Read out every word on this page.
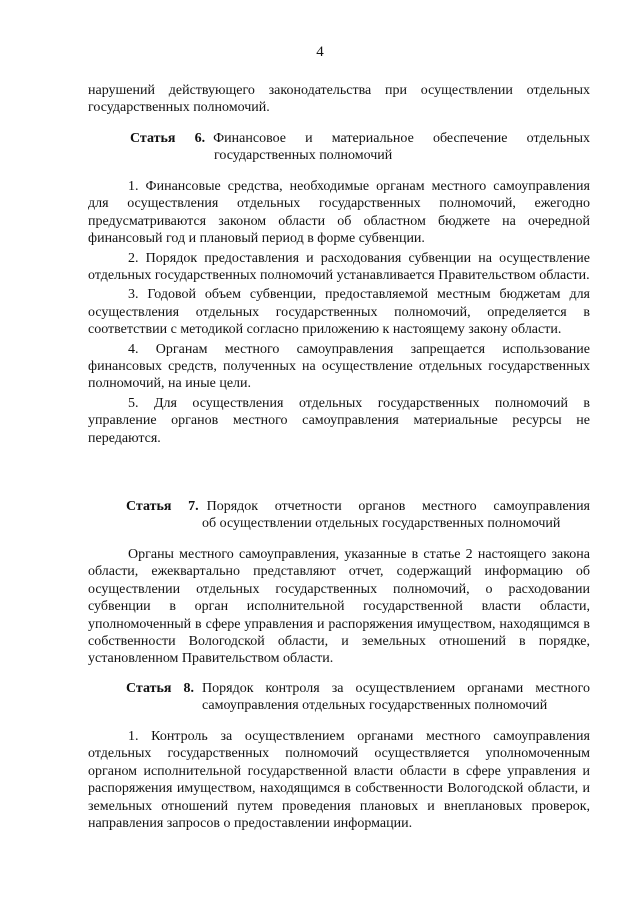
4
нарушений действующего законодательства при осуществлении отдельных государственных полномочий.
Статья 6. Финансовое и материальное обеспечение отдельных
государственных полномочий

1. Финансовые средства, необходимые органам местного самоуправления для осуществления отдельных государственных полномочий, ежегодно предусматриваются законом области об областном бюджете на очередной финансовый год и плановый период в форме субвенции.

2. Порядок предоставления и расходования субвенции на осуществление отдельных государственных полномочий устанавливается Правительством области.

3. Годовой объем субвенции, предоставляемой местным бюджетам для осуществления отдельных государственных полномочий, определяется в соответствии с методикой согласно приложению к настоящему закону области.

4. Органам местного самоуправления запрещается использование финансовых средств, полученных на осуществление отдельных государственных полномочий, на иные цели.

5. Для осуществления отдельных государственных полномочий в управление органов местного самоуправления материальные ресурсы не передаются.

Статья 7. Порядок отчетности органов местного самоуправления
об осуществлении отдельных государственных полномочий

Органы местного самоуправления, указанные в статье 2 настоящего закона области, ежеквартально представляют отчет, содержащий информацию об осуществлении отдельных государственных полномочий, о расходовании субвенции в орган исполнительной государственной власти области, уполномоченный в сфере управления и распоряжения имуществом, находящимся в собственности Вологодской области, и земельных отношений в порядке, установленном Правительством области.

Статья 8. Порядок контроля за осуществлением органами местного
самоуправления отдельных государственных полномочий

1. Контроль за осуществлением органами местного самоуправления отдельных государственных полномочий осуществляется уполномоченным органом исполнительной государственной власти области в сфере управления и распоряжения имуществом, находящимся в собственности Вологодской области, и земельных отношений путем проведения плановых и внеплановых проверок, направления запросов о предоставлении информации.
